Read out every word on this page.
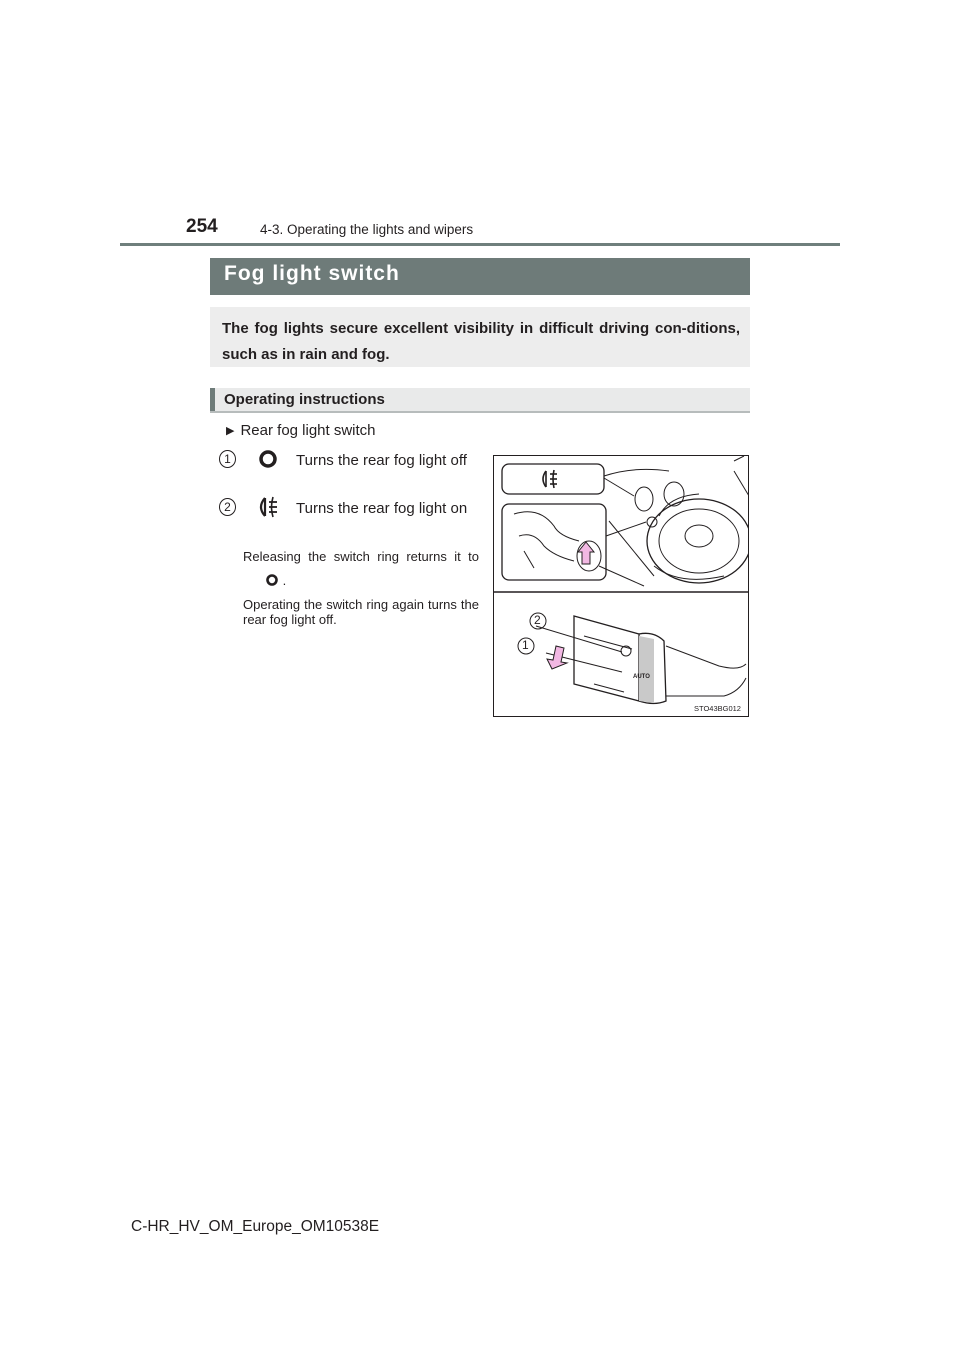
254	4-3. Operating the lights and wipers
Fog light switch

The fog lights secure excellent visibility in difficult driving con-ditions, such as in rain and fog.

Operating instructions
▶ Rear fog light switch
1	Turns the rear fog light off
2	Turns the rear fog light on
Releasing the switch ring returns it to
.
Operating the switch ring again turns the rear fog light off.	2
1
AUTO
STO43BG012
C-HR_HV_OM_Europe_OM10538E
